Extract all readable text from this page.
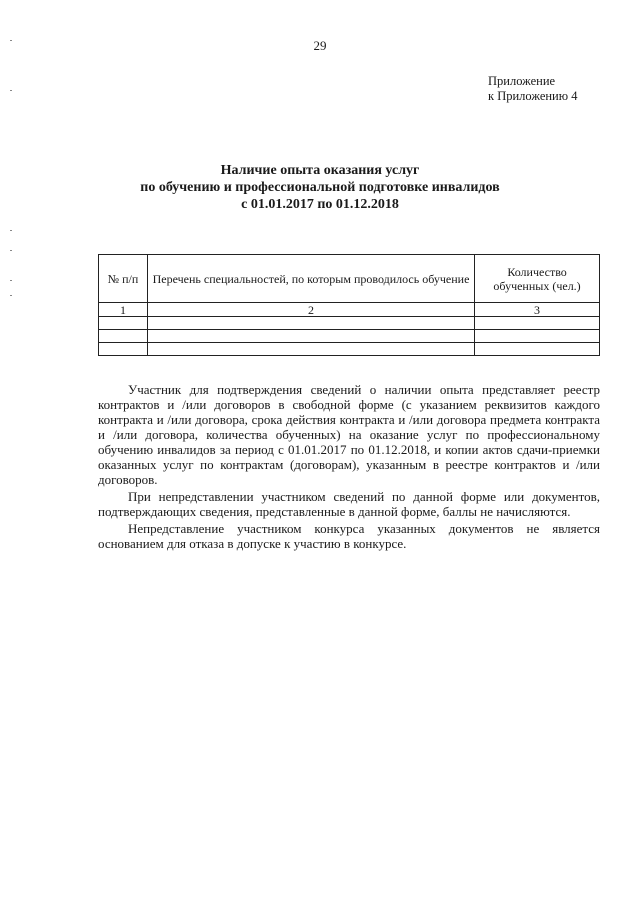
29
Приложение
к Приложению 4
Наличие опыта оказания услуг
по обучению и профессиональной подготовке инвалидов
с 01.01.2017 по 01.12.2018
№ п/п	Перечень специальностей, по которым проводилось обучение	Количество обученных (чел.)
1	2	3

Участник для подтверждения сведений о наличии опыта представляет реестр контрактов и /или договоров в свободной форме (с указанием реквизитов каждого контракта и /или договора, срока действия контракта и /или договора предмета контракта и /или договора, количества обученных) на оказание услуг по профессиональному обучению инвалидов за период с 01.01.2017 по 01.12.2018, и копии актов сдачи-приемки оказанных услуг по контрактам (договорам), указанным в реестре контрактов и /или договоров.

При непредставлении участником сведений по данной форме или документов, подтверждающих сведения, представленные в данной форме, баллы не начисляются.

Непредставление участником конкурса указанных документов не является основанием для отказа в допуске к участию в конкурсе.
